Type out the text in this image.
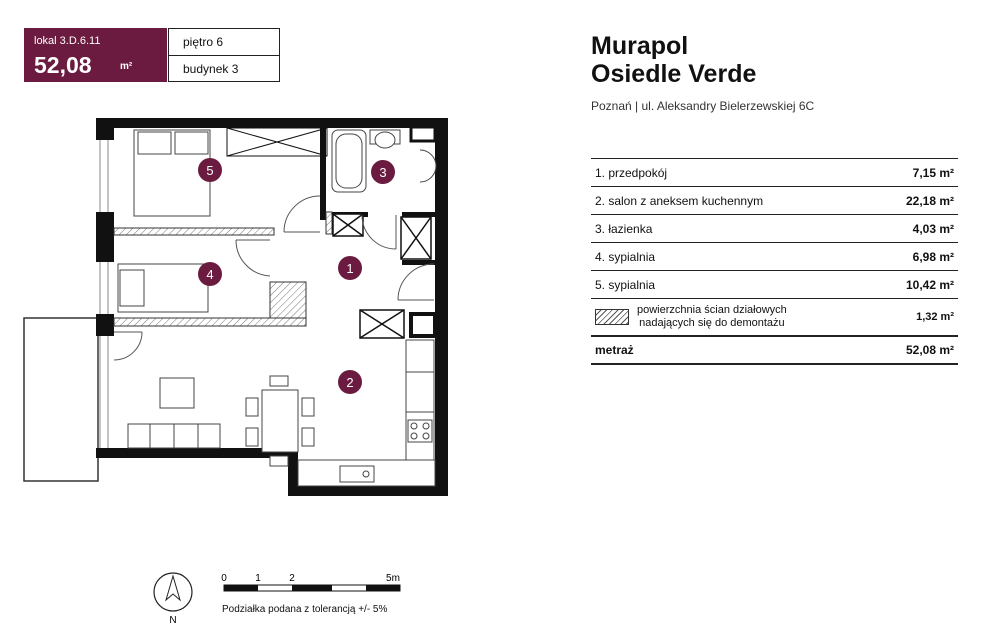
lokal 3.D.6.11
52,08	m²
piętro 6
budynek 3
Murapol
Osiedle Verde
Poznań | ul. Aleksandry Bielerzewskiej 6C
1. przedpokój	7,15 m²
2. salon z aneksem kuchennym	22,18 m²
3. łazienka	4,03 m²
4. sypialnia	6,98 m²
5. sypialnia	10,42 m²
powierzchnia ścian działowych
nadających się do demontażu	1,32 m²
metraż	52,08 m²
1
2
3
4
5
N
0	1	2	5m
Podziałka podana z tolerancją +/- 5%
